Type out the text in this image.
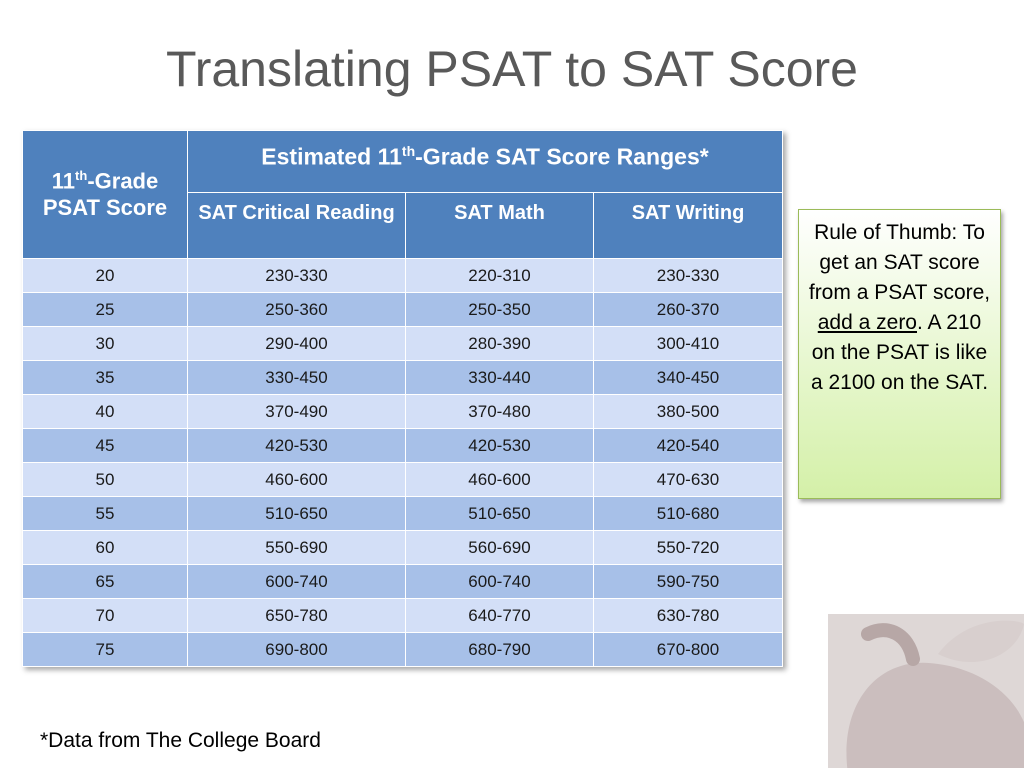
Translating PSAT to SAT Score
11th-Grade PSAT Score	Estimated 11th-Grade SAT Score Ranges*		
	SAT Critical Reading	SAT Math	SAT Writing
20	230-330	220-310	230-330
25	250-360	250-350	260-370
30	290-400	280-390	300-410
35	330-450	330-440	340-450
40	370-490	370-480	380-500
45	420-530	420-530	420-540
50	460-600	460-600	470-630
55	510-650	510-650	510-680
60	550-690	560-690	550-720
65	600-740	600-740	590-750
70	650-780	640-770	630-780
75	690-800	680-790	670-800
Rule of Thumb: To get an SAT score from a PSAT score, add a zero. A 210 on the PSAT is like a 2100 on the SAT.
*Data from The College Board
